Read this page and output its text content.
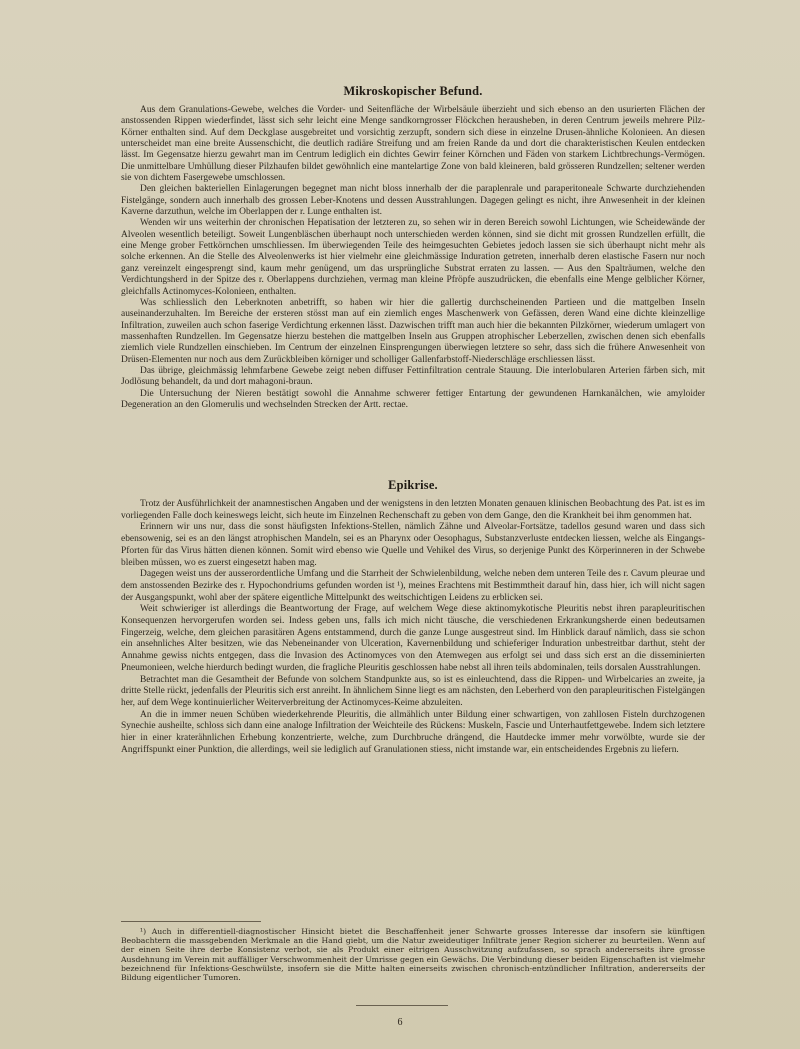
Mikroskopischer Befund.

Aus dem Granulations-Gewebe, welches die Vorder- und Seitenfläche der Wirbelsäule überzieht und sich ebenso an den usurierten Flächen der anstossenden Rippen wiederfindet, lässt sich sehr leicht eine Menge sandkorngrosser Flöckchen herausheben, in deren Centrum jeweils mehrere Pilz-Körner enthalten sind. Auf dem Deckglase ausgebreitet und vorsichtig zerzupft, sondern sich diese in einzelne Drusen-ähnliche Kolonieen. An diesen unterscheidet man eine breite Aussenschicht, die deutlich radiäre Streifung und am freien Rande da und dort die charakteristischen Keulen entdecken lässt. Im Gegensatze hierzu gewahrt man im Centrum lediglich ein dichtes Gewirr feiner Körnchen und Fäden von starkem Lichtbrechungs-Vermögen. Die unmittelbare Umhüllung dieser Pilzhaufen bildet gewöhnlich eine mantelartige Zone von bald kleineren, bald grösseren Rundzellen; seltener werden sie von dichtem Fasergewebe umschlossen.

Den gleichen bakteriellen Einlagerungen begegnet man nicht bloss innerhalb der die paraplenrale und paraperitoneale Schwarte durchziehenden Fistelgänge, sondern auch innerhalb des grossen Leber-Knotens und dessen Ausstrahlungen. Dagegen gelingt es nicht, ihre Anwesenheit in der kleinen Kaverne darzuthun, welche im Oberlappen der r. Lunge enthalten ist.

Wenden wir uns weiterhin der chronischen Hepatisation der letzteren zu, so sehen wir in deren Bereich sowohl Lichtungen, wie Scheidewände der Alveolen wesentlich beteiligt. Soweit Lungenbläschen überhaupt noch unterschieden werden können, sind sie dicht mit grossen Rundzellen erfüllt, die eine Menge grober Fettkörnchen umschliessen. Im überwiegenden Teile des heimgesuchten Gebietes jedoch lassen sie sich überhaupt nicht mehr als solche erkennen. An die Stelle des Alveolenwerks ist hier vielmehr eine gleichmässige Induration getreten, innerhalb deren elastische Fasern nur noch ganz vereinzelt eingesprengt sind, kaum mehr genügend, um das ursprüngliche Substrat erraten zu lassen. — Aus den Spalträumen, welche den Verdichtungsherd in der Spitze des r. Oberlappens durchziehen, vermag man kleine Pfröpfe auszudrücken, die ebenfalls eine Menge gelblicher Körner, gleichfalls Actinomyces-Kolonieen, enthalten.

Was schliesslich den Leberknoten anbetrifft, so haben wir hier die gallertig durchscheinenden Partieen und die mattgelben Inseln auseinanderzuhalten. Im Bereiche der ersteren stösst man auf ein ziemlich enges Maschenwerk von Gefässen, deren Wand eine dichte kleinzellige Infiltration, zuweilen auch schon faserige Verdichtung erkennen lässt. Dazwischen trifft man auch hier die bekannten Pilzkörner, wiederum umlagert von massenhaften Rundzellen. Im Gegensatze hierzu bestehen die mattgelben Inseln aus Gruppen atrophischer Leberzellen, zwischen denen sich ebenfalls ziemlich viele Rundzellen einschieben. Im Centrum der einzelnen Einsprengungen überwiegen letztere so sehr, dass sich die frühere Anwesenheit von Drüsen-Elementen nur noch aus dem Zurückbleiben körniger und scholliger Gallenfarbstoff-Niederschläge erschliessen lässt.

Das übrige, gleichmässig lehmfarbene Gewebe zeigt neben diffuser Fettinfiltration centrale Stauung. Die interlobularen Arterien färben sich, mit Jodlösung behandelt, da und dort mahagoni-braun.

Die Untersuchung der Nieren bestätigt sowohl die Annahme schwerer fettiger Entartung der gewundenen Harnkanälchen, wie amyloider Degeneration an den Glomerulis und wechselnden Strecken der Artt. rectae.

Epikrise.

Trotz der Ausführlichkeit der anamnestischen Angaben und der wenigstens in den letzten Monaten genauen klinischen Beobachtung des Pat. ist es im vorliegenden Falle doch keineswegs leicht, sich heute im Einzelnen Rechenschaft zu geben von dem Gange, den die Krankheit bei ihm genommen hat.

Erinnern wir uns nur, dass die sonst häufigsten Infektions-Stellen, nämlich Zähne und Alveolar-Fortsätze, tadellos gesund waren und dass sich ebensowenig, sei es an den längst atrophischen Mandeln, sei es an Pharynx oder Oesophagus, Substanzverluste entdecken liessen, welche als Eingangs-Pforten für das Virus hätten dienen können. Somit wird ebenso wie Quelle und Vehikel des Virus, so derjenige Punkt des Körperinneren in der Schwebe bleiben müssen, wo es zuerst eingesetzt haben mag.

Dagegen weist uns der ausserordentliche Umfang und die Starrheit der Schwielenbildung, welche neben dem unteren Teile des r. Cavum pleurae und dem anstossenden Bezirke des r. Hypochondriums gefunden worden ist ¹), meines Erachtens mit Bestimmtheit darauf hin, dass hier, ich will nicht sagen der Ausgangspunkt, wohl aber der spätere eigentliche Mittelpunkt des weitschichtigen Leidens zu erblicken sei.

Weit schwieriger ist allerdings die Beantwortung der Frage, auf welchem Wege diese aktinomykotische Pleuritis nebst ihren parapleuritischen Konsequenzen hervorgerufen worden sei. Indess geben uns, falls ich mich nicht täusche, die verschiedenen Erkrankungsherde einen bedeutsamen Fingerzeig, welche, dem gleichen parasitären Agens entstammend, durch die ganze Lunge ausgestreut sind. Im Hinblick darauf nämlich, dass sie schon ein ansehnliches Alter besitzen, wie das Nebeneinander von Ulceration, Kavernenbildung und schieferiger Induration unbestreitbar darthut, steht der Annahme gewiss nichts entgegen, dass die Invasion des Actinomyces von den Atemwegen aus erfolgt sei und dass sich erst an die disseminierten Pneumonieen, welche hierdurch bedingt wurden, die fragliche Pleuritis geschlossen habe nebst all ihren teils abdominalen, teils dorsalen Ausstrahlungen.

Betrachtet man die Gesamtheit der Befunde von solchem Standpunkte aus, so ist es einleuchtend, dass die Rippen- und Wirbelcaries an zweite, ja dritte Stelle rückt, jedenfalls der Pleuritis sich erst anreiht. In ähnlichem Sinne liegt es am nächsten, den Leberherd von den parapleuritischen Fistelgängen her, auf dem Wege kontinuierlicher Weiterverbreitung der Actinomyces-Keime abzuleiten.

An die in immer neuen Schüben wiederkehrende Pleuritis, die allmählich unter Bildung einer schwartigen, von zahllosen Fisteln durchzogenen Synechie ausheilte, schloss sich dann eine analoge Infiltration der Weichteile des Rückens: Muskeln, Fascie und Unterhautfettgewebe. Indem sich letztere hier in einer kraterähnlichen Erhebung konzentrierte, welche, zum Durchbruche drängend, die Hautdecke immer mehr vorwölbte, wurde sie der Angriffspunkt einer Punktion, die allerdings, weil sie lediglich auf Granulationen stiess, nicht imstande war, ein entscheidendes Ergebnis zu liefern.

¹) Auch in differentiell-diagnostischer Hinsicht bietet die Beschaffenheit jener Schwarte grosses Interesse dar insofern sie künftigen Beobachtern die massgebenden Merkmale an die Hand giebt, um die Natur zweideutiger Infiltrate jener Region sicherer zu beurteilen. Wenn auf der einen Seite ihre derbe Konsistenz verbot, sie als Produkt einer eitrigen Ausschwitzung aufzufassen, so sprach andererseits ihre grosse Ausdehnung im Verein mit auffälliger Verschwommenheit der Umrisse gegen ein Gewächs. Die Verbindung dieser beiden Eigenschaften ist vielmehr bezeichnend für Infektions-Geschwülste, insofern sie die Mitte halten einerseits zwischen chronisch-entzündlicher Infiltration, andererseits der Bildung eigentlicher Tumoren.

6
